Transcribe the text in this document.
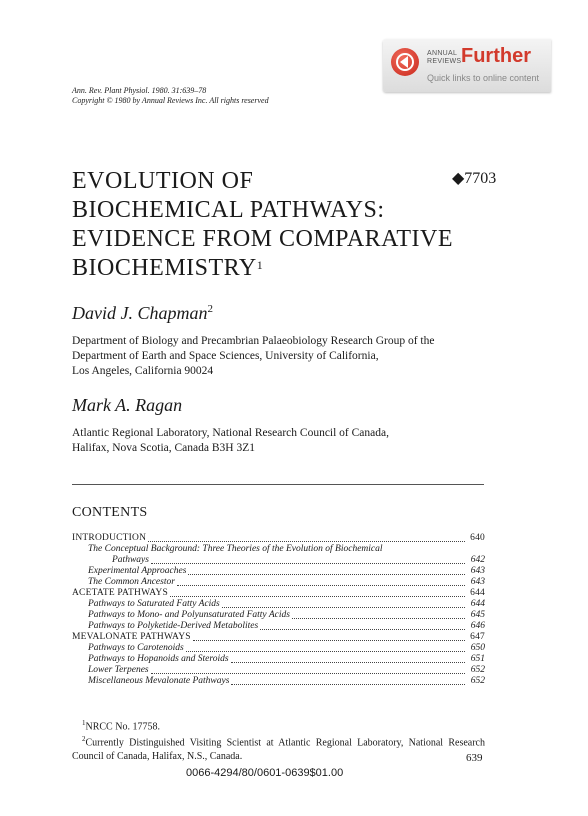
ANNUAL
REVIEWS Further
Quick links to online content
Ann. Rev. Plant Physiol. 1980. 31:639–78
Copyright © 1980 by Annual Reviews Inc. All rights reserved
EVOLUTION OF
BIOCHEMICAL PATHWAYS:
EVIDENCE FROM COMPARATIVE
BIOCHEMISTRY$^1$
◆7703
David J. Chapman$^2$
Department of Biology and Precambrian Palaeobiology Research Group of the
Department of Earth and Space Sciences, University of California,
Los Angeles, California 90024
Mark A. Ragan
Atlantic Regional Laboratory, National Research Council of Canada,
Halifax, Nova Scotia, Canada B3H 3Z1
CONTENTS
INTRODUCTION	640
The Conceptual Background: Three Theories of the Evolution of Biochemical
Pathways	642
Experimental Approaches	643
The Common Ancestor	643
ACETATE PATHWAYS	644
Pathways to Saturated Fatty Acids	644
Pathways to Mono- and Polyunsaturated Fatty Acids	645
Pathways to Polyketide-Derived Metabolites	646
MEVALONATE PATHWAYS	647
Pathways to Carotenoids	650
Pathways to Hopanoids and Steroids	651
Lower Terpenes	652
Miscellaneous Mevalonate Pathways	652

$^1$NRCC No. 17758.

$^2$Currently Distinguished Visiting Scientist at Atlantic Regional Laboratory, National Research Council of Canada, Halifax, N.S., Canada.	639
0066-4294/80/0601-0639$01.00
